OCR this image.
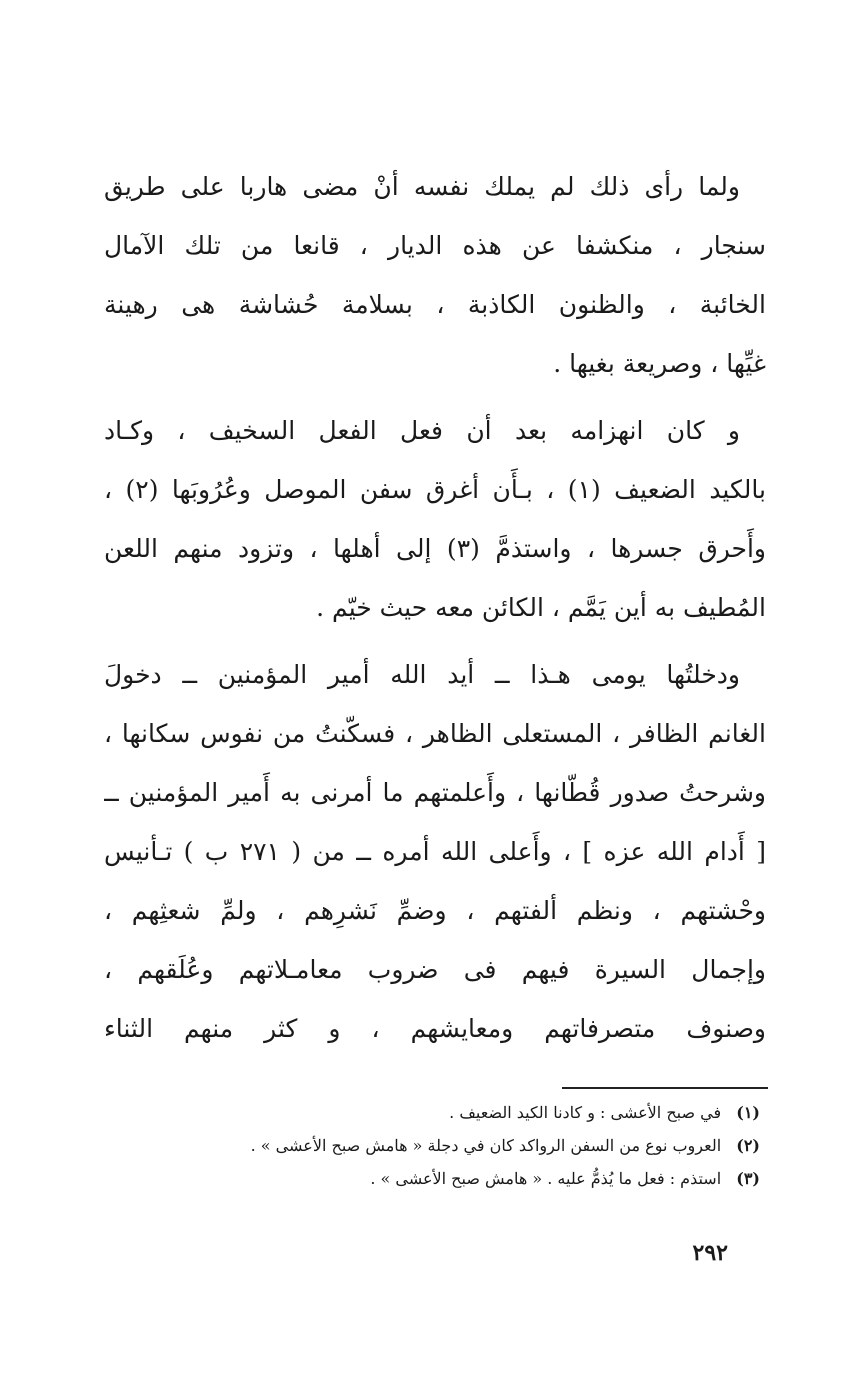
ولما رأى ذلك لم يملك نفسه أنْ مضى هاربا على طريق
سنجار ، منكشفا عن هذه الديار ، قانعا من تلك الآمال
الخائبة ، والظنون الكاذبة ، بسلامة حُشاشة هى رهينة
غيِّها ، وصريعة بغيها .
و كان انهزامه بعد أن فعل الفعل السخيف ، وكـاد
بالكيد الضعيف (١) ، بـأَن أغرق سفن الموصل وعُرُوبَها (٢) ،
وأَحرق جسرها ، واستذمَّ (٣) إلى أهلها ، وتزود منهم اللعن
المُطيف به أين يَمَّم ، الكائن معه حيث خيّم .
ودخلتُها يومى هـذا ــ أيد الله أمير المؤمنين ــ دخولَ
الغانم الظافر ، المستعلى الظاهر ، فسكّنتُ من نفوس سكانها ،
وشرحتُ صدور قُطّانها ، وأَعلمتهم ما أمرنى به أَمير المؤمنين ــ
[ أَدام الله عزه ] ، وأَعلى الله أمره ــ من ( ٢٧١ ب ) تـأنيس
وحْشتهم ، ونظم ألفتهم ، وضمِّ نَشرِهم ، ولمِّ شعثِهم ،
وإجمال السيرة فيهم فى ضروب معامـلاتهم وعُلَقهم ،
وصنوف متصرفاتهم ومعايشهم ، و كثر منهم الثناء
(١) في صبح الأعشى : و كادنا الكيد الضعيف .
(٢) العروب نوع من السفن الرواكد كان في دجلة « هامش صبح الأعشى » .
(٣) استذم : فعل ما يُذمُّ عليه . « هامش صبح الأعشى » .
٢٩٢
